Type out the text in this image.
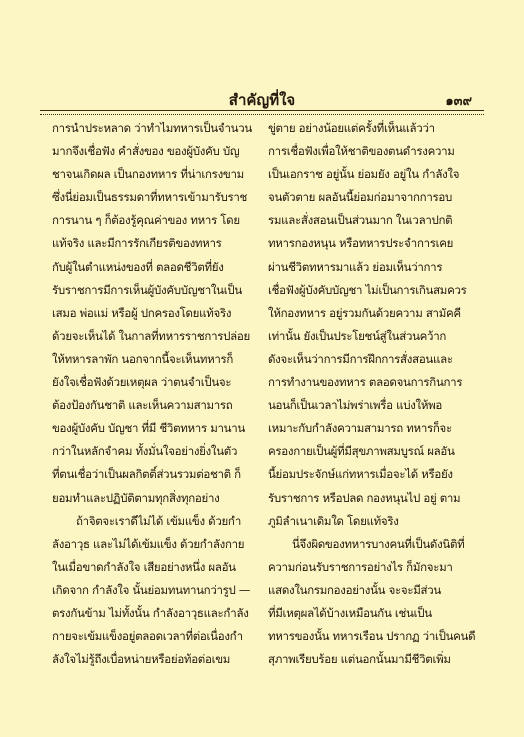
สำคัญที่ใจ	๑๓๙
การนำประหลาด ว่าทำไมทหารเป็นจำนวน
มากจึงเชื่อฟัง คำสั่งของ ของผู้บังคับ บัญ
ชาจนเกิดผล เป็นกองทหาร ที่น่าเกรงขาม
ซึ่งนี่ย่อมเป็นธรรมดาที่ทหารเข้ามารับราช
การนาน ๆ ก็ต้องรู้คุณค่าของ ทหาร โดย
แท้จริง และมีการรักเกียรติของทหาร
กับผู้ในตำแหน่งของที่ ตลอดชีวิตที่ยัง
รับราชการมีการเห็นผู้บังคับบัญชาในเป็น
เสมอ พ่อแม่ หรือผู้ ปกครองโดยแท้จริง
ด้วยจะเห็นได้ ในกาลที่ทหารราชการปล่อย
ให้ทหารลาพัก นอกจากนี้จะเห็นทหารก็
ยังใจเชื่อฟังด้วยเหตุผล ว่าตนจำเป็นจะ
ต้องป้องกันชาติ และเห็นความสามารถ
ของผู้บังคับ บัญชา ที่มี ชีวิตทหาร มานาน
กว่าในหลักจำคม ทั้งมั่นใจอย่างยิ่งในตัว
ที่ตนเชื่อว่าเป็นผลกิตติ์ส่วนรวมต่อชาติ ก็
ยอมทำและปฏิบัติตามทุกสิ่งทุกอย่าง
ถ้าจิตจะเราดีไม่ได้ เข้มแข็ง ด้วยกำ
ลังอาวุธ และไม่ได้เข้มแข็ง ด้วยกำลังกาย
ในเมื่อขาดกำลังใจ เสียอย่างหนึ่ง ผลอัน
เกิดจาก กำลังใจ นั้นย่อมทนทานกว่ารูป —
ตรงกันข้าม ไม่ทั้งนั้น กำลังอาวุธและกำลัง
กายจะเข้มแข็งอยู่ตลอดเวลาที่ต่อเนื่องกำ
ลังใจไม่รู้ถึงเบื่อหน่ายหรือย่อท้อต่อเขม
ขู่ตาย อย่างน้อยแต่ครั้งที่เห็นแล้วว่า
การเชื่อฟังเพื่อให้ชาติของตนดำรงความ
เป็นเอกราช อยู่นั้น ย่อมยัง อยู่ใน กำลังใจ
จนตัวตาย ผลอันนี้ย่อมก่อมาจากการอบ
รมและสั่งสอนเป็นส่วนมาก ในเวลาปกติ
ทหารกองหนุน หรือทหารประจำการเคย
ผ่านชีวิตทหารมาแล้ว ย่อมเห็นว่าการ
เชื่อฟังผู้บังคับบัญชา ไม่เป็นการเกินสมควร
ให้กองทหาร อยู่รวมกันด้วยความ สามัคคี
เท่านั้น ยังเป็นประโยชน์สู่ในส่วนคว้าก
ดังจะเห็นว่าการมีการฝึกการสั่งสอนและ
การทำงานของทหาร ตลอดจนการกินการ
นอนก็เป็นเวลาไม่พร่าเพรื่อ แบ่งให้พอ
เหมาะกับกำลังความสามารถ ทหารก็จะ
ครองกายเป็นผู้ที่มีสุขภาพสมบูรณ์ ผลอัน
นี้ย่อมประจักษ์แก่ทหารเมื่อจะได้ หรือยัง
รับราชการ หรือปลด กองหนุนไป อยู่ ตาม
ภูมิลำเนาเดิมใด โดยแท้จริง
นี่จึงผิดของทหารบางคนที่เป็นดังนิติที่
ความก่อนรับราชการอย่างไร ก็มักจะมา
แสดงในกรมกองอย่างนั้น จะจะมีส่วน
ที่มีเหตุผลได้บ้างเหมือนกัน เช่นเป็น
ทหารของนั้น ทหารเรือน ปรากฏ ว่าเป็นคนดี
สุภาพเรียบร้อย แต่นอกนั้นมามีชีวิตเพิ่ม
